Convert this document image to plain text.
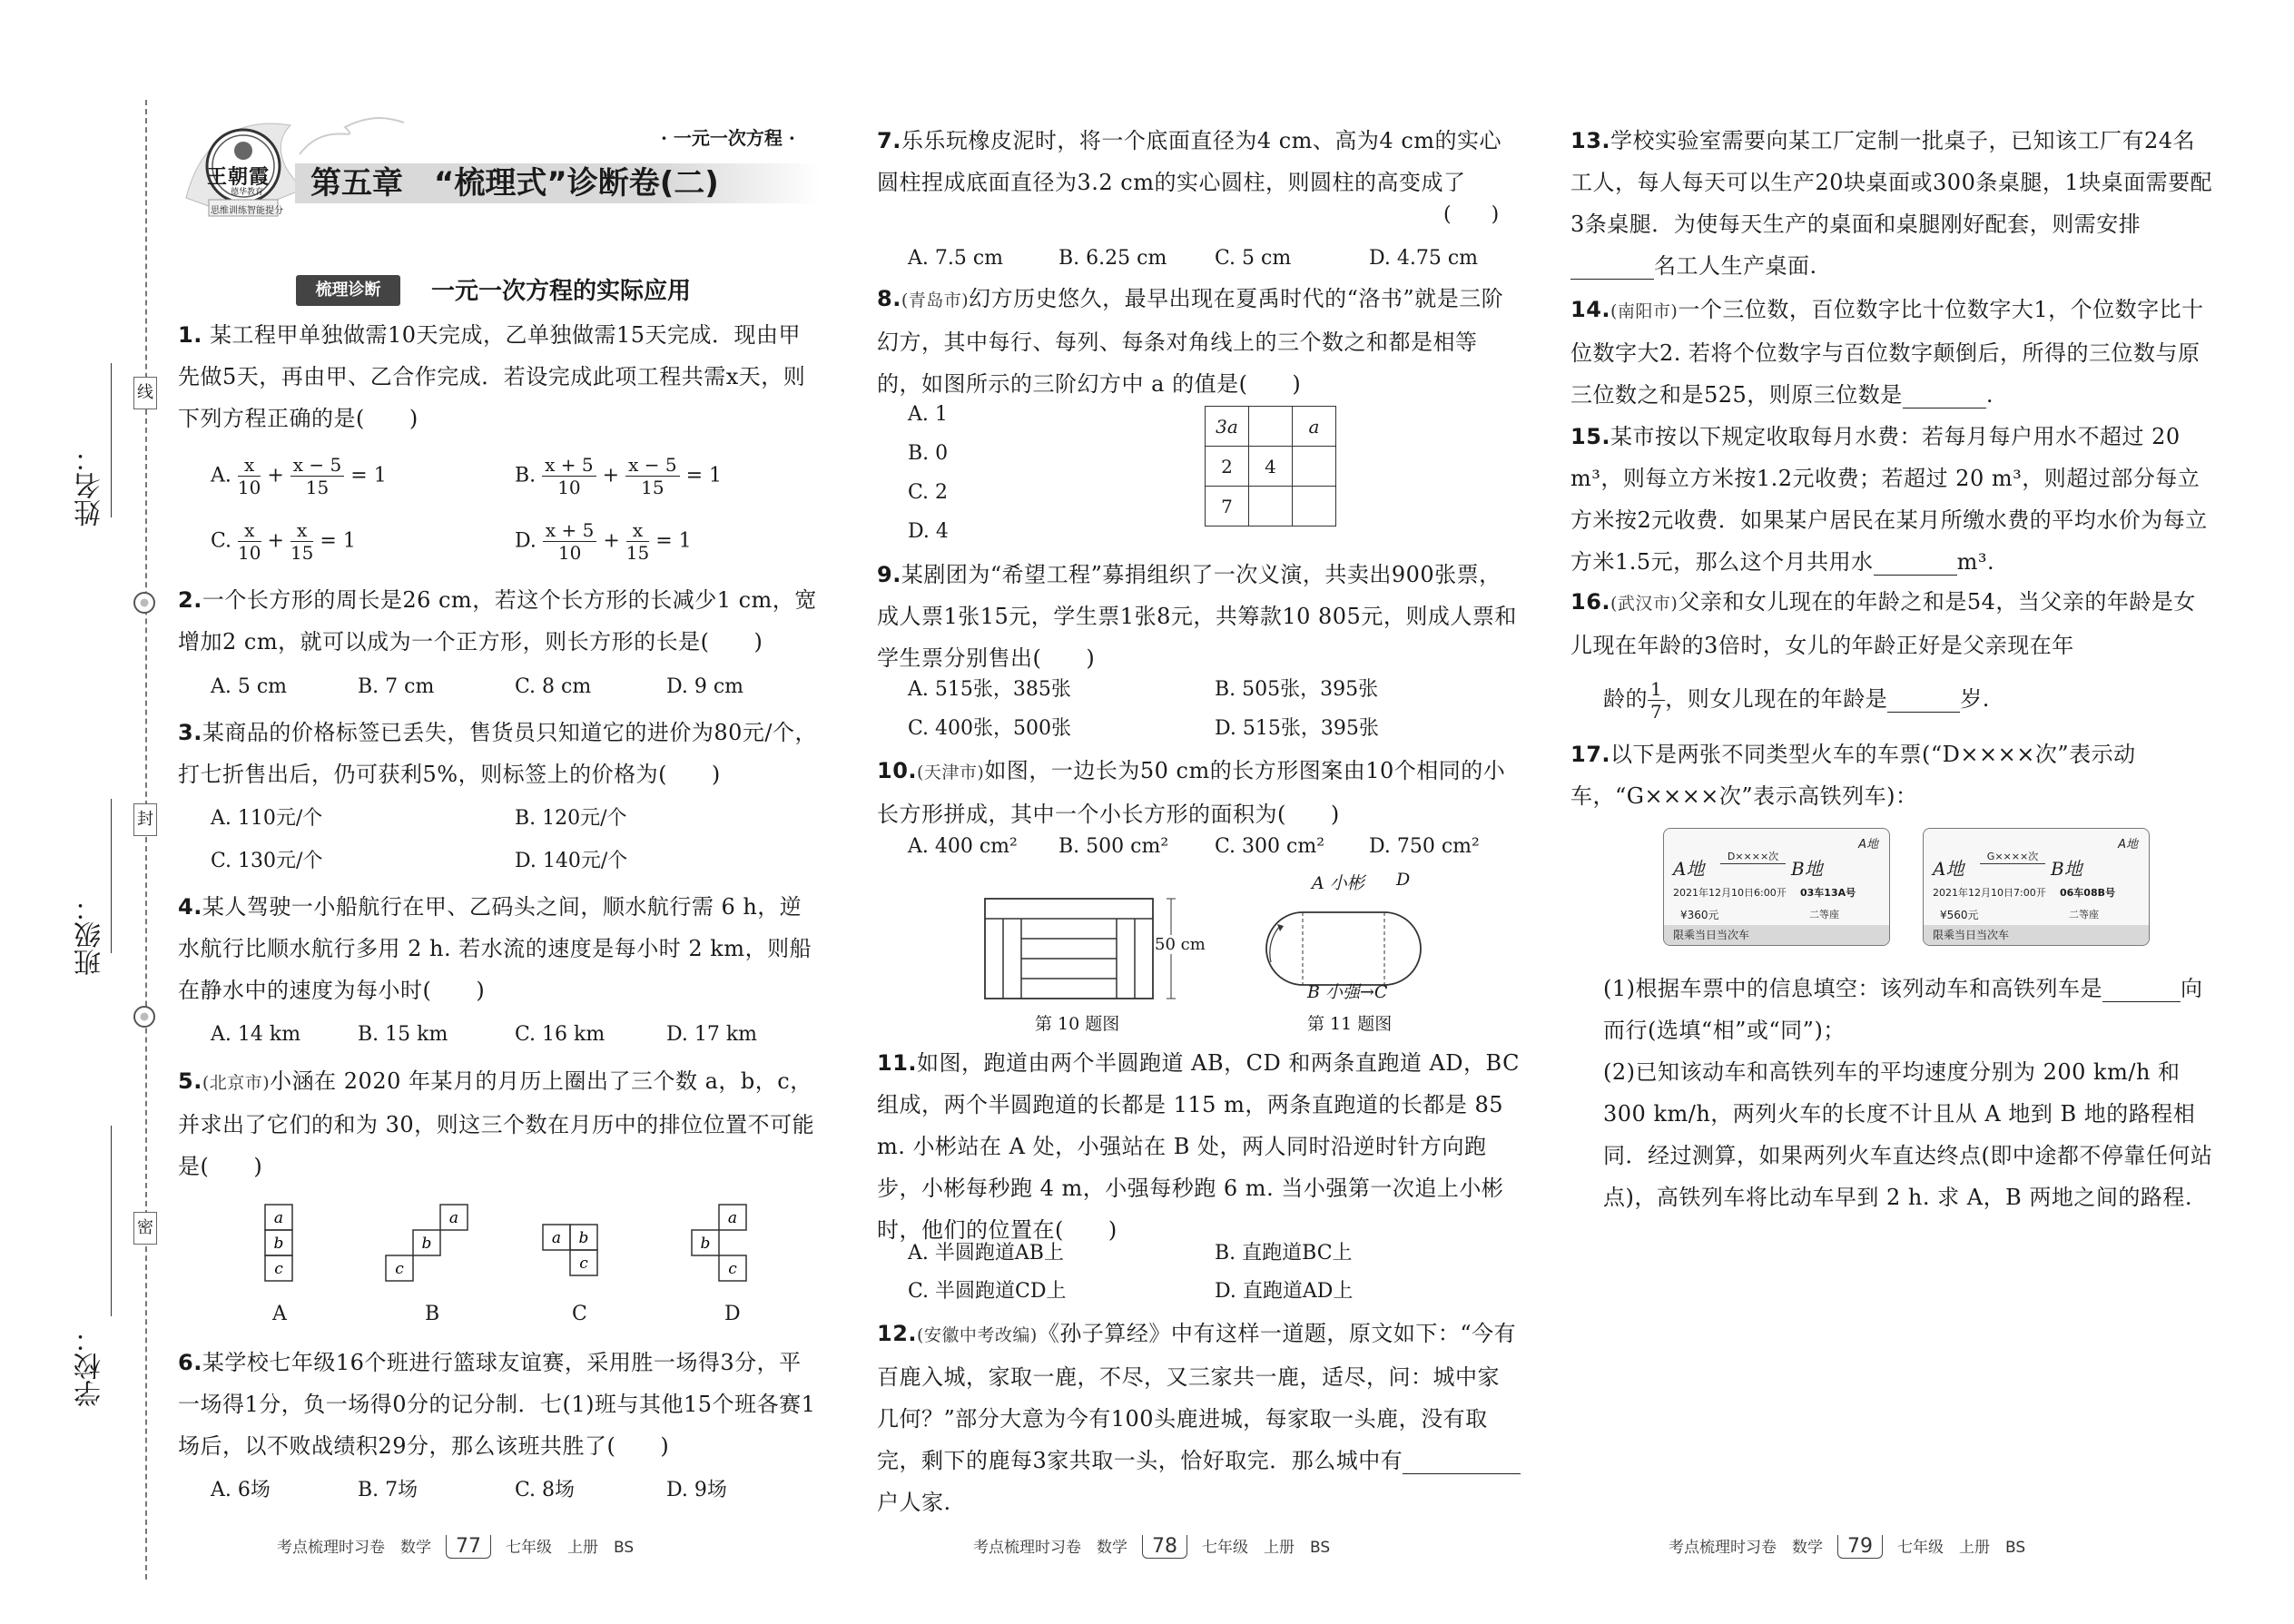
线
封
密
姓名：
班级：
学校：
王朝霞
德华教育
思维训练 智能提分
· 一元一次方程 ·
第五章　“梳理式”诊断卷(二)
梳理诊断	一元一次方程的实际应用
1. 某工程甲单独做需10天完成，乙单独做需15天完成．现由甲先做5天，再由甲、乙合作完成．若设完成此项工程共需x天，则下列方程正确的是(　　)
A. $\frac{x}{10} + \frac{x - 5}{15} = 1$	B. $\frac{x + 5}{10} + \frac{x - 5}{15} = 1$
C. $\frac{x}{10} + \frac{x}{15} = 1$	D. $\frac{x + 5}{10} + \frac{x}{15} = 1$
2.一个长方形的周长是26 cm，若这个长方形的长减少1 cm，宽增加2 cm，就可以成为一个正方形，则长方形的长是(　　)
A. 5 cm	B. 7 cm	C. 8 cm	D. 9 cm
3.某商品的价格标签已丢失，售货员只知道它的进价为80元/个，打七折售出后，仍可获利5%，则标签上的价格为(　　)
A. 110元/个	B. 120元/个
C. 130元/个	D. 140元/个
4.某人驾驶一小船航行在甲、乙码头之间，顺水航行需 6 h，逆水航行比顺水航行多用 2 h. 若水流的速度是每小时 2 km，则船在静水中的速度为每小时(　　)
A. 14 km	B. 15 km	C. 16 km	D. 17 km
5.(北京市)小涵在 2020 年某月的月历上圈出了三个数 a，b，c，并求出了它们的和为 30，则这三个数在月历中的排位位置不可能是(　　)
a
b
c
a
b
c
a b
c
a
b
c
A	B	C	D
6.某学校七年级16个班进行篮球友谊赛，采用胜一场得3分，平一场得1分，负一场得0分的记分制．七(1)班与其他15个班各赛1场后，以不败战绩积29分，那么该班共胜了(　　)
A. 6场	B. 7场	C. 8场	D. 9场
7.乐乐玩橡皮泥时，将一个底面直径为4 cm、高为4 cm的实心圆柱捏成底面直径为3.2 cm的实心圆柱，则圆柱的高变成了
(　　)
A. 7.5 cm	B. 6.25 cm C. 5 cm	D. 4.75 cm
8.(青岛市)幻方历史悠久，最早出现在夏禹时代的“洛书”就是三阶幻方，其中每行、每列、每条对角线上的三个数之和都是相等的，如图所示的三阶幻方中 a 的值是(　　)
A. 1
B. 0
C. 2
D. 4
3a		a
2	4	
7		
9.某剧团为“希望工程”募捐组织了一次义演，共卖出900张票，成人票1张15元，学生票1张8元，共筹款10 805元，则成人票和学生票分别售出(　　)
A. 515张，385张	B. 505张，395张
C. 400张，500张	D. 515张，395张
10.(天津市)如图，一边长为50 cm的长方形图案由10个相同的小长方形拼成，其中一个小长方形的面积为(　　)
A. 400 cm² B. 500 cm² C. 300 cm² D. 750 cm²
50 cm
第 10 题图
A 小彬 D
B 小强→C
第 11 题图
11.如图，跑道由两个半圆跑道 AB，CD 和两条直跑道 AD，BC 组成，两个半圆跑道的长都是 115 m，两条直跑道的长都是 85 m. 小彬站在 A 处，小强站在 B 处，两人同时沿逆时针方向跑步，小彬每秒跑 4 m，小强每秒跑 6 m. 当小强第一次追上小彬时，他们的位置在(　　)
A. 半圆跑道AB上	B. 直跑道BC上
C. 半圆跑道CD上	D. 直跑道AD上
12.(安徽中考改编)《孙子算经》中有这样一道题，原文如下：“今有百鹿入城，家取一鹿，不尽，又三家共一鹿，适尽，问：城中家几何？”部分大意为今有100头鹿进城，每家取一头鹿，没有取完，剩下的鹿每3家共取一头，恰好取完．那么城中有户人家.
13.学校实验室需要向某工厂定制一批桌子，已知该工厂有24名工人，每人每天可以生产20块桌面或300条桌腿，1块桌面需要配3条桌腿．为使每天生产的桌面和桌腿刚好配套，则需安排名工人生产桌面.
14.(南阳市)一个三位数，百位数字比十位数字大1，个位数字比十位数字大2. 若将个位数字与百位数字颠倒后，所得的三位数与原三位数之和是525，则原三位数是	.
15.某市按以下规定收取每月水费：若每月每户用水不超过 20 m³，则每立方米按1.2元收费；若超过 20 m³，则超过部分每立方米按2元收费．如果某户居民在某月所缴水费的平均水价为每立方米1.5元，那么这个月共用水	m³.
16.(武汉市)父亲和女儿现在的年龄之和是54，当父亲的年龄是女儿现在年龄的3倍时，女儿的年龄正好是父亲现在年
龄的 $\frac{1}{7}$ ，则女儿现在的年龄是	岁.
17.以下是两张不同类型火车的车票(“D××××次”表示动车，“G××××次”表示高铁列车)：
A地
A地
D××××次
B地
2021年12月10日6:00开 03车13A号
¥360元	二等座
限乘当日当次车
A地
A地
G××××次
B地
2021年12月10日7:00开 06车08B号
¥560元	二等座
限乘当日当次车
(1)根据车票中的信息填空：该列动车和高铁列车是	向而行(选填“相”或“同”)；
(2)已知该动车和高铁列车的平均速度分别为 200 km/h 和 300 km/h，两列火车的长度不计且从 A 地到 B 地的路程相同．经过测算，如果两列火车直达终点(即中途都不停靠任何站点)，高铁列车将比动车早到 2 h. 求 A，B 两地之间的路程.
考点梳理时习卷　数学 77 七年级　上册　BS	考点梳理时习卷　数学 78 七年级　上册　BS	考点梳理时习卷　数学 79 七年级　上册　BS
